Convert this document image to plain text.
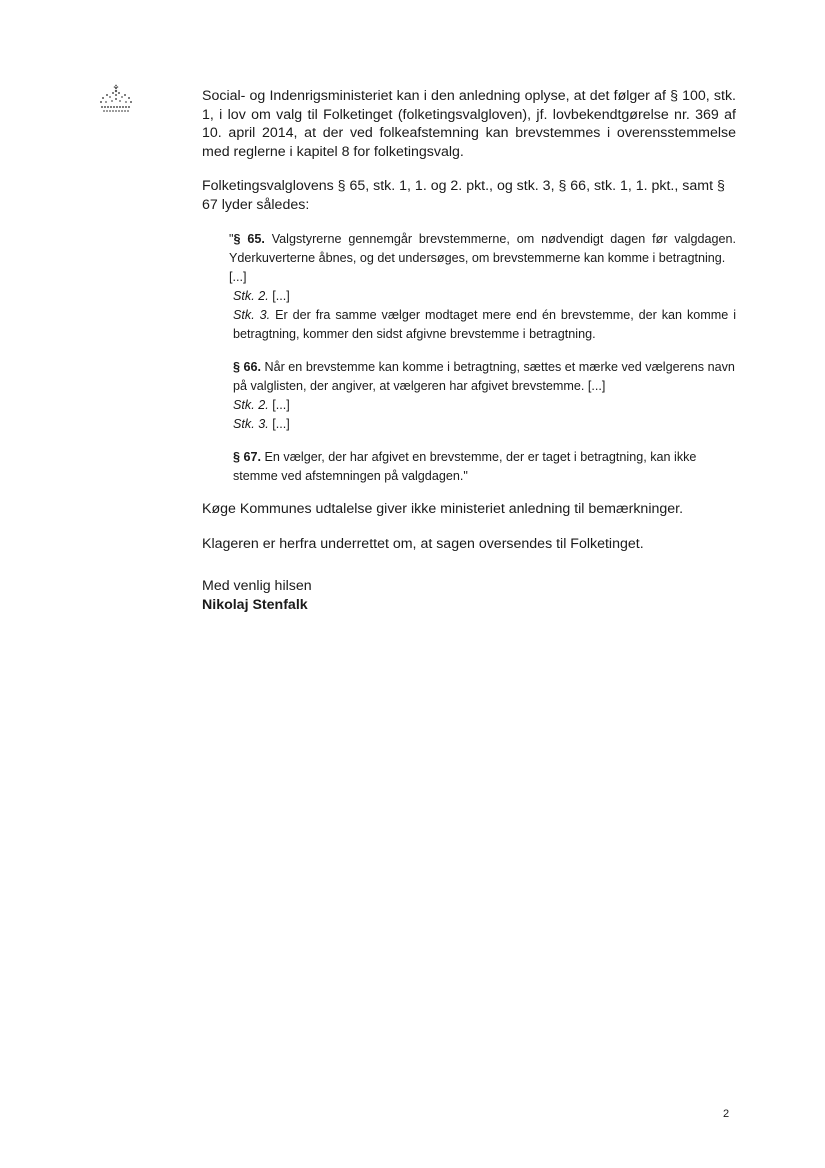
Social- og Indenrigsministeriet kan i den anledning oplyse, at det følger af § 100, stk. 1, i lov om valg til Folketinget (folketingsvalgloven), jf. lovbekendtgørelse nr. 369 af 10. april 2014, at der ved folkeafstemning kan brevstemmes i overensstemmelse med reglerne i kapitel 8 for folketingsvalg.

Folketingsvalglovens § 65, stk. 1, 1. og 2. pkt., og stk. 3, § 66, stk. 1, 1. pkt., samt § 67 lyder således:

"§ 65. Valgstyrerne gennemgår brevstemmerne, om nødvendigt dagen før valgdagen. Yderkuverterne åbnes, og det undersøges, om brevstemmerne kan komme i betragtning.
[...]
Stk. 2. [...]
Stk. 3. Er der fra samme vælger modtaget mere end én brevstemme, der kan komme i betragtning, kommer den sidst afgivne brevstemme i betragtning.
§ 66. Når en brevstemme kan komme i betragtning, sættes et mærke ved vælgerens navn på valglisten, der angiver, at vælgeren har afgivet brevstemme. [...]
Stk. 2. [...]
Stk. 3. [...]
§ 67. En vælger, der har afgivet en brevstemme, der er taget i betragtning, kan ikke stemme ved afstemningen på valgdagen."

Køge Kommunes udtalelse giver ikke ministeriet anledning til bemærkninger.

Klageren er herfra underrettet om, at sagen oversendes til Folketinget.

Med venlig hilsen
Nikolaj Stenfalk
2
